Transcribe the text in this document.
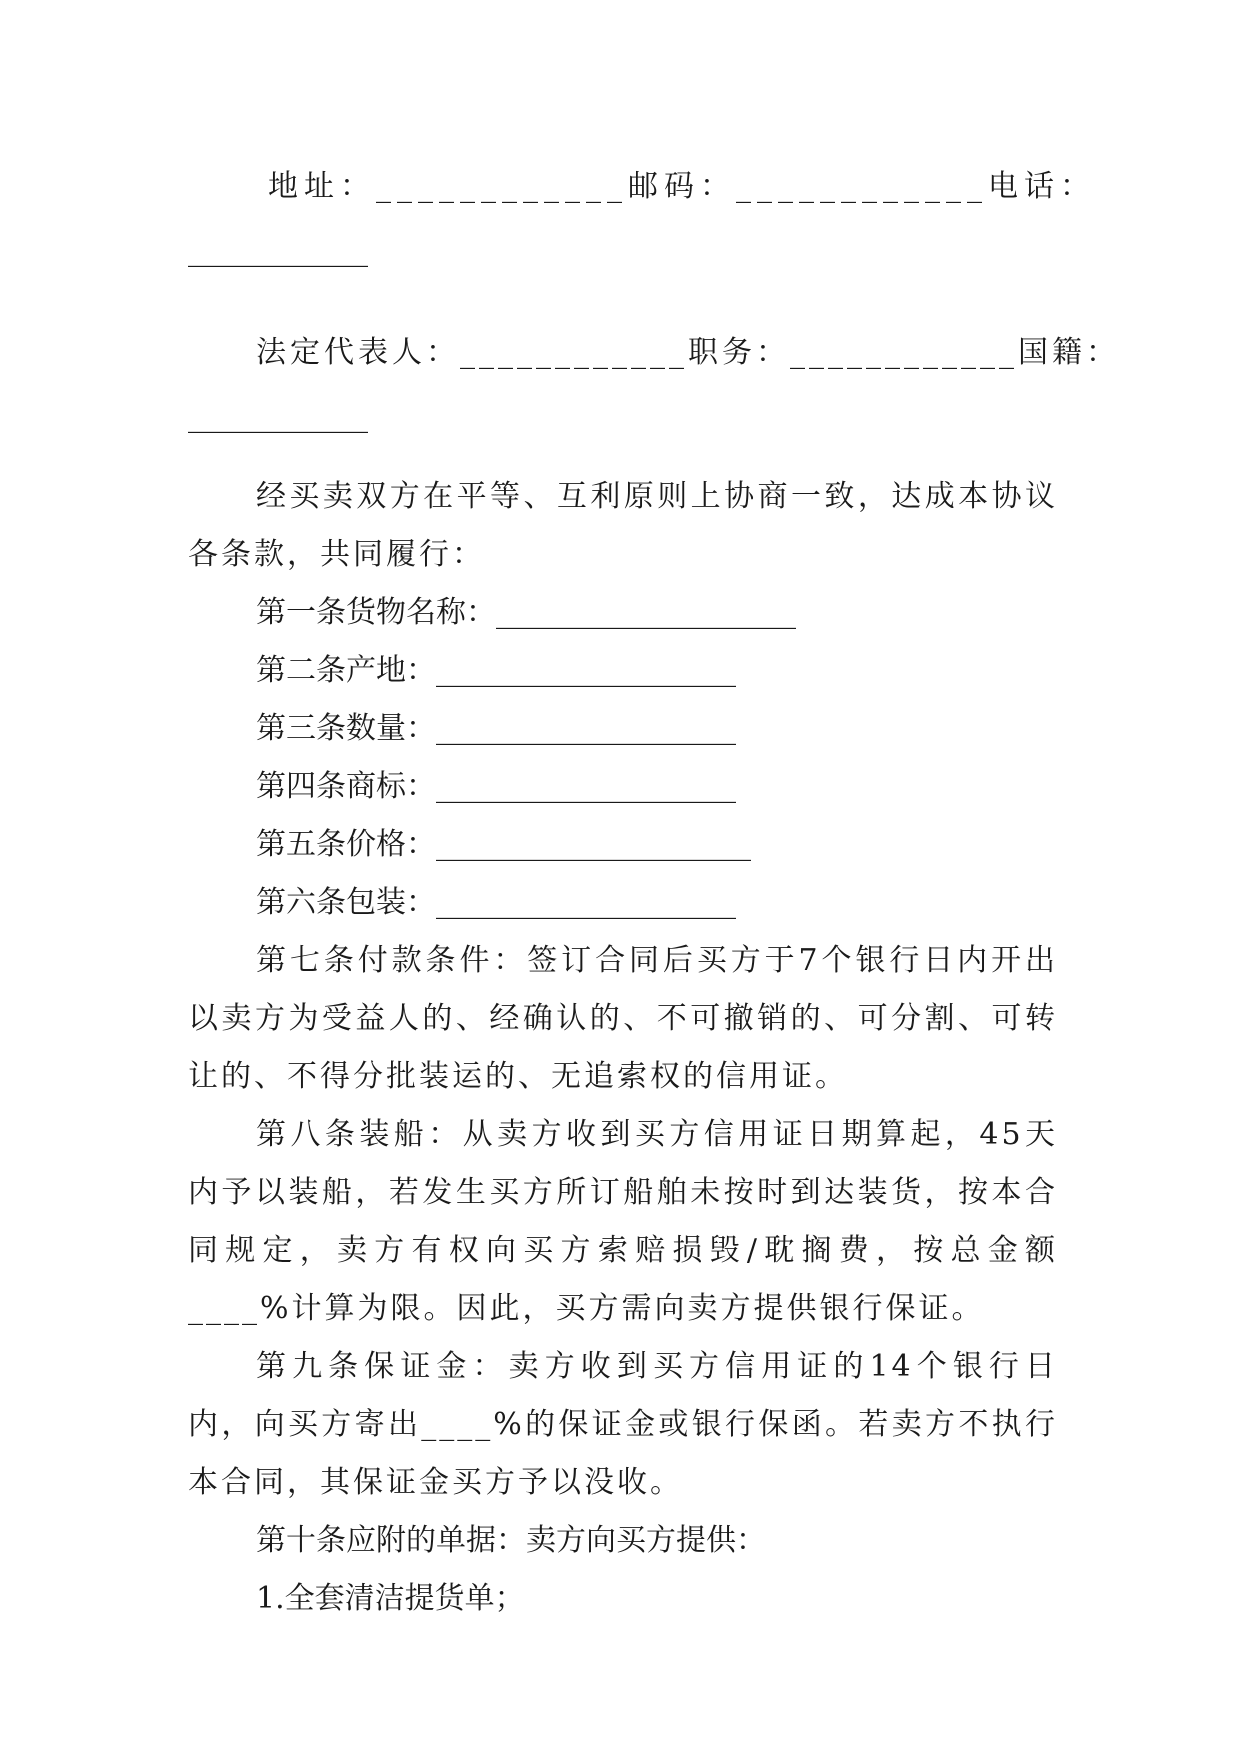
地址： ____________ 邮码： ____________ 电话：
____________
法定代表人： ____________ 职务： ____________ 国籍：
____________
经买卖双方在平等、互利原则上协商一致，达成本协议各条款，共同履行：
第一条货物名称：____________________
第二条产地：____________________
第三条数量：____________________
第四条商标：____________________
第五条价格：_____________________
第六条包装：____________________
第七条付款条件：签订合同后买方于7个银行日内开出以卖方为受益人的、经确认的、不可撤销的、可分割、可转让的、不得分批装运的、无追索权的信用证。
第八条装船：从卖方收到买方信用证日期算起，45天内予以装船，若发生买方所订船舶未按时到达装货，按本合同规定，卖方有权向买方索赔损毁/耽搁费，按总金额____%计算为限。因此，买方需向卖方提供银行保证。
第九条保证金：卖方收到买方信用证的14个银行日内，向买方寄出____%的保证金或银行保函。若卖方不执行本合同，其保证金买方予以没收。
第十条应附的单据：卖方向买方提供：
1.全套清洁提货单；
